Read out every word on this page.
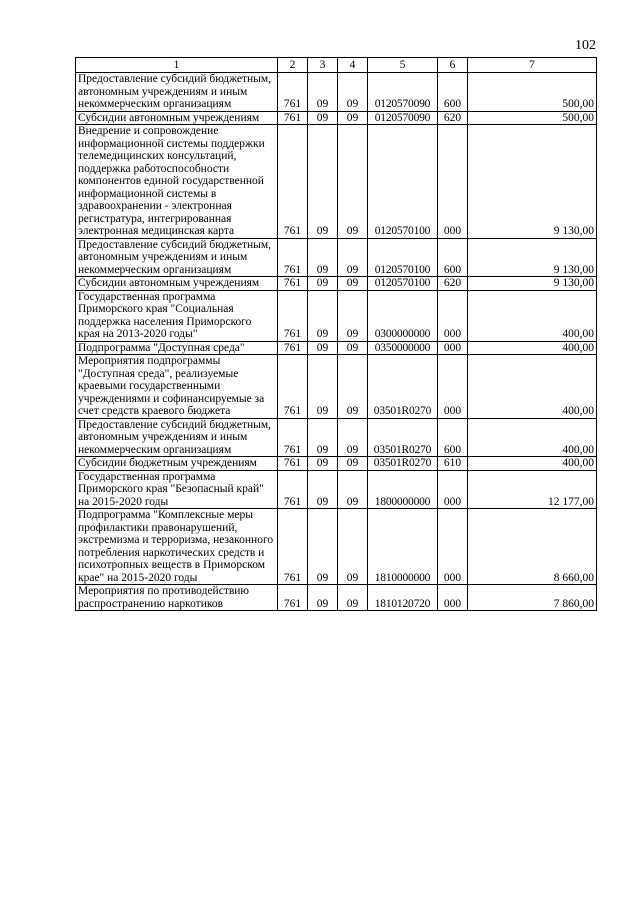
102
1	2	3	4	5	6	7
Предоставление субсидий бюджетным, автономным учреждениям и иным некоммерческим организациям	761	09	09	0120570090	600	500,00
Субсидии автономным учреждениям	761	09	09	0120570090	620	500,00
Внедрение и сопровождение информационной системы поддержки телемедицинских консультаций, поддержка работоспособности компонентов единой государственной информационной системы в здравоохранении - электронная регистратура, интегрированная электронная медицинская карта	761	09	09	0120570100	000	9 130,00
Предоставление субсидий бюджетным, автономным учреждениям и иным некоммерческим организациям	761	09	09	0120570100	600	9 130,00
Субсидии автономным учреждениям	761	09	09	0120570100	620	9 130,00
Государственная программа Приморского края "Социальная поддержка населения Приморского края на 2013-2020 годы"	761	09	09	0300000000	000	400,00
Подпрограмма "Доступная среда"	761	09	09	0350000000	000	400,00
Мероприятия подпрограммы "Доступная среда", реализуемые краевыми государственными учреждениями и софинансируемые за счет средств краевого бюджета	761	09	09	03501R0270	000	400,00
Предоставление субсидий бюджетным, автономным учреждениям и иным некоммерческим организациям	761	09	09	03501R0270	600	400,00
Субсидии бюджетным учреждениям	761	09	09	03501R0270	610	400,00
Государственная программа Приморского края "Безопасный край" на 2015-2020 годы	761	09	09	1800000000	000	12 177,00
Подпрограмма "Комплексные меры профилактики правонарушений, экстремизма и терроризма, незаконного потребления наркотических средств и психотропных веществ в Приморском крае" на 2015-2020 годы	761	09	09	1810000000	000	8 660,00
Мероприятия по противодействию распространению наркотиков	761	09	09	1810120720	000	7 860,00
